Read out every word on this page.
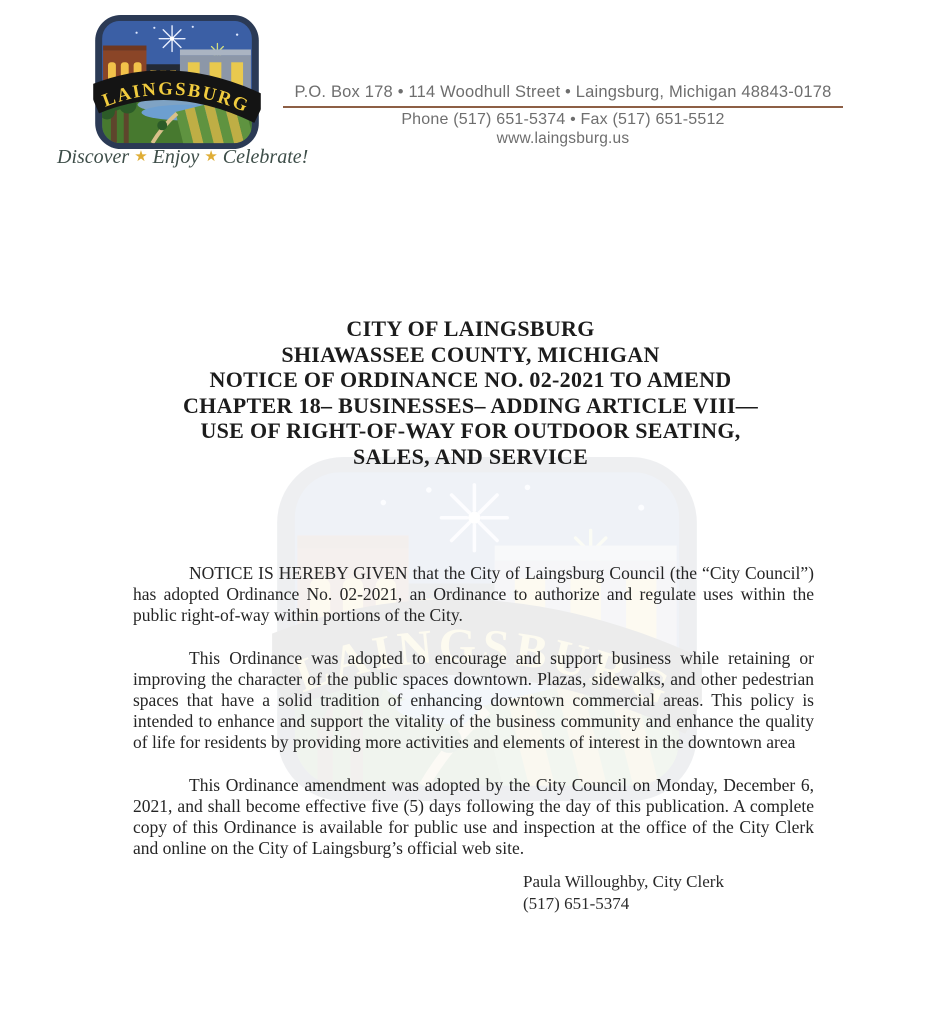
Discover ★ Enjoy ★ Celebrate!
P.O. Box 178 • 114 Woodhull Street • Laingsburg, Michigan 48843-0178
Phone (517) 651-5374 • Fax (517) 651-5512
www.laingsburg.us
CITY OF LAINGSBURG
SHIAWASSEE COUNTY, MICHIGAN
NOTICE OF ORDINANCE NO. 02-2021 TO AMEND
CHAPTER 18– BUSINESSES– ADDING ARTICLE VIII—
USE OF RIGHT-OF-WAY FOR OUTDOOR SEATING,
SALES, AND SERVICE

NOTICE IS HEREBY GIVEN that the City of Laingsburg Council (the “City Council”) has adopted Ordinance No. 02-2021, an Ordinance to authorize and regulate uses within the public right-of-way within portions of the City.

This Ordinance was adopted to encourage and support business while retaining or improving the character of the public spaces downtown. Plazas, sidewalks, and other pedestrian spaces that have a solid tradition of enhancing downtown commercial areas. This policy is intended to enhance and support the vitality of the business community and enhance the quality of life for residents by providing more activities and elements of interest in the downtown area

This Ordinance amendment was adopted by the City Council on Monday, December 6, 2021, and shall become effective five (5) days following the day of this publication. A complete copy of this Ordinance is available for public use and inspection at the office of the City Clerk and online on the City of Laingsburg’s official web site.

Paula Willoughby, City Clerk
(517) 651-5374
